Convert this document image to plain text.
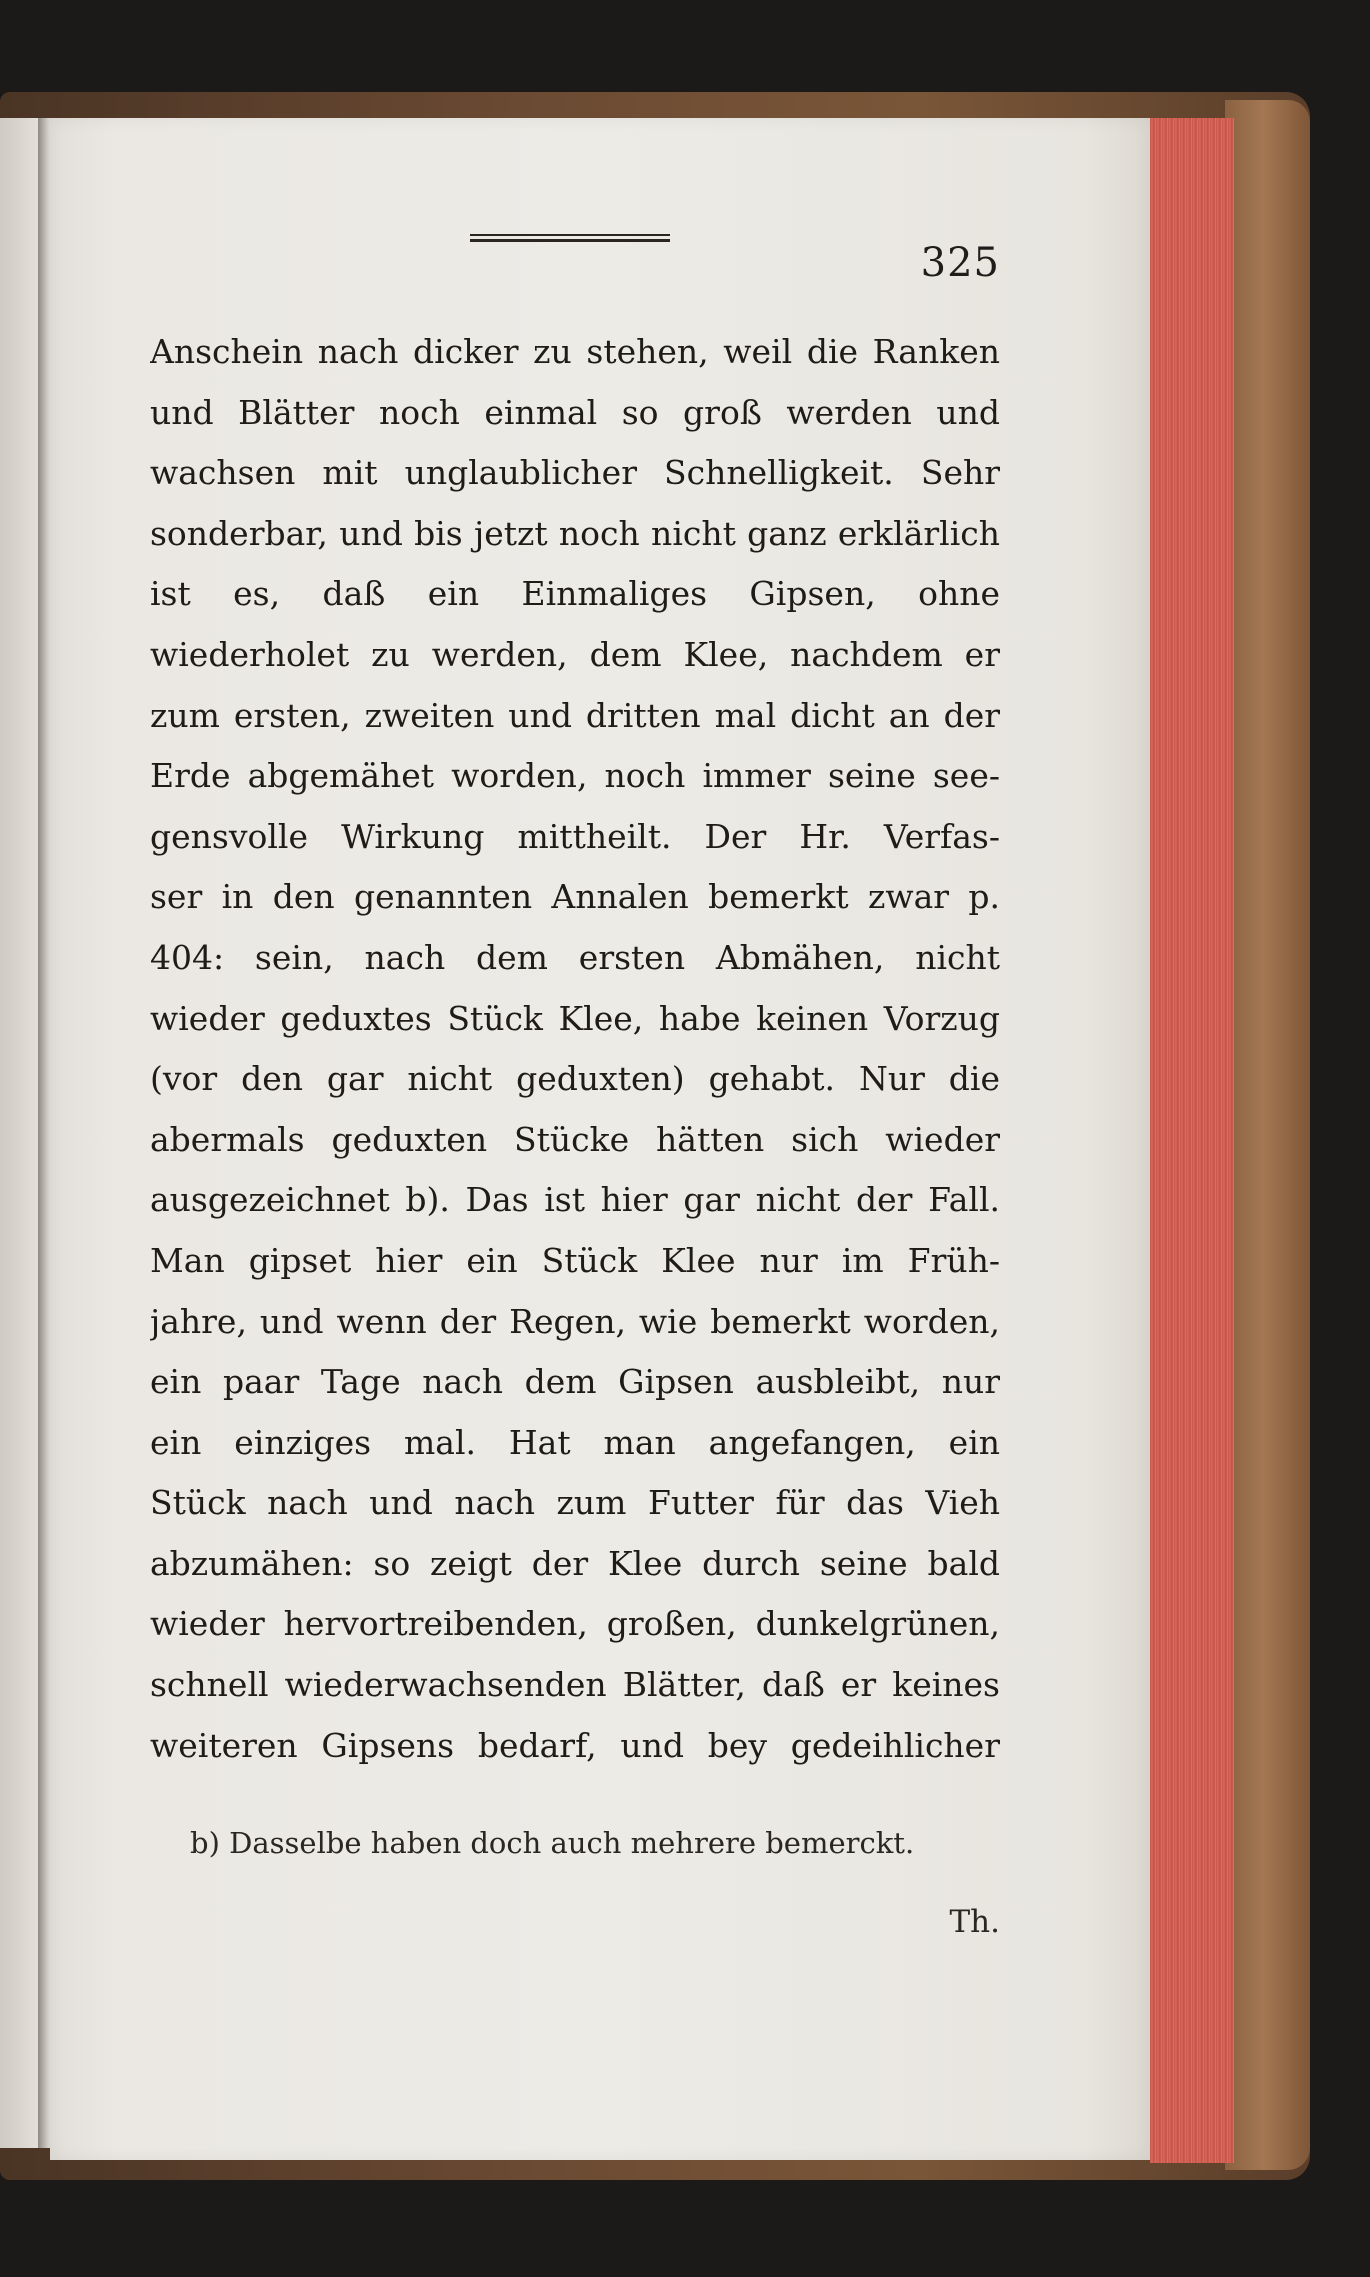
325
Anschein nach dicker zu stehen, weil die Ranken
und Blätter noch einmal so groß werden und
wachsen mit unglaublicher Schnelligkeit. Sehr
sonderbar, und bis jetzt noch nicht ganz erklärlich
ist es, daß ein Einmaliges Gipsen, ohne
wiederholet zu werden, dem Klee, nachdem er
zum ersten, zweiten und dritten mal dicht an der
Erde abgemähet worden, noch immer seine see-
gensvolle Wirkung mittheilt. Der Hr. Verfas-
ser in den genannten Annalen bemerkt zwar p.
404: sein, nach dem ersten Abmähen, nicht
wieder geduxtes Stück Klee, habe keinen Vorzug
(vor den gar nicht geduxten) gehabt. Nur die
abermals geduxten Stücke hätten sich wieder
ausgezeichnet b). Das ist hier gar nicht der Fall.
Man gipset hier ein Stück Klee nur im Früh-
jahre, und wenn der Regen, wie bemerkt worden,
ein paar Tage nach dem Gipsen ausbleibt, nur
ein einziges mal. Hat man angefangen, ein
Stück nach und nach zum Futter für das Vieh
abzumähen: so zeigt der Klee durch seine bald
wieder hervortreibenden, großen, dunkelgrünen,
schnell wiederwachsenden Blätter, daß er keines
weiteren Gipsens bedarf, und bey gedeihlicher
b) Dasselbe haben doch auch mehrere bemerckt.
Th.
